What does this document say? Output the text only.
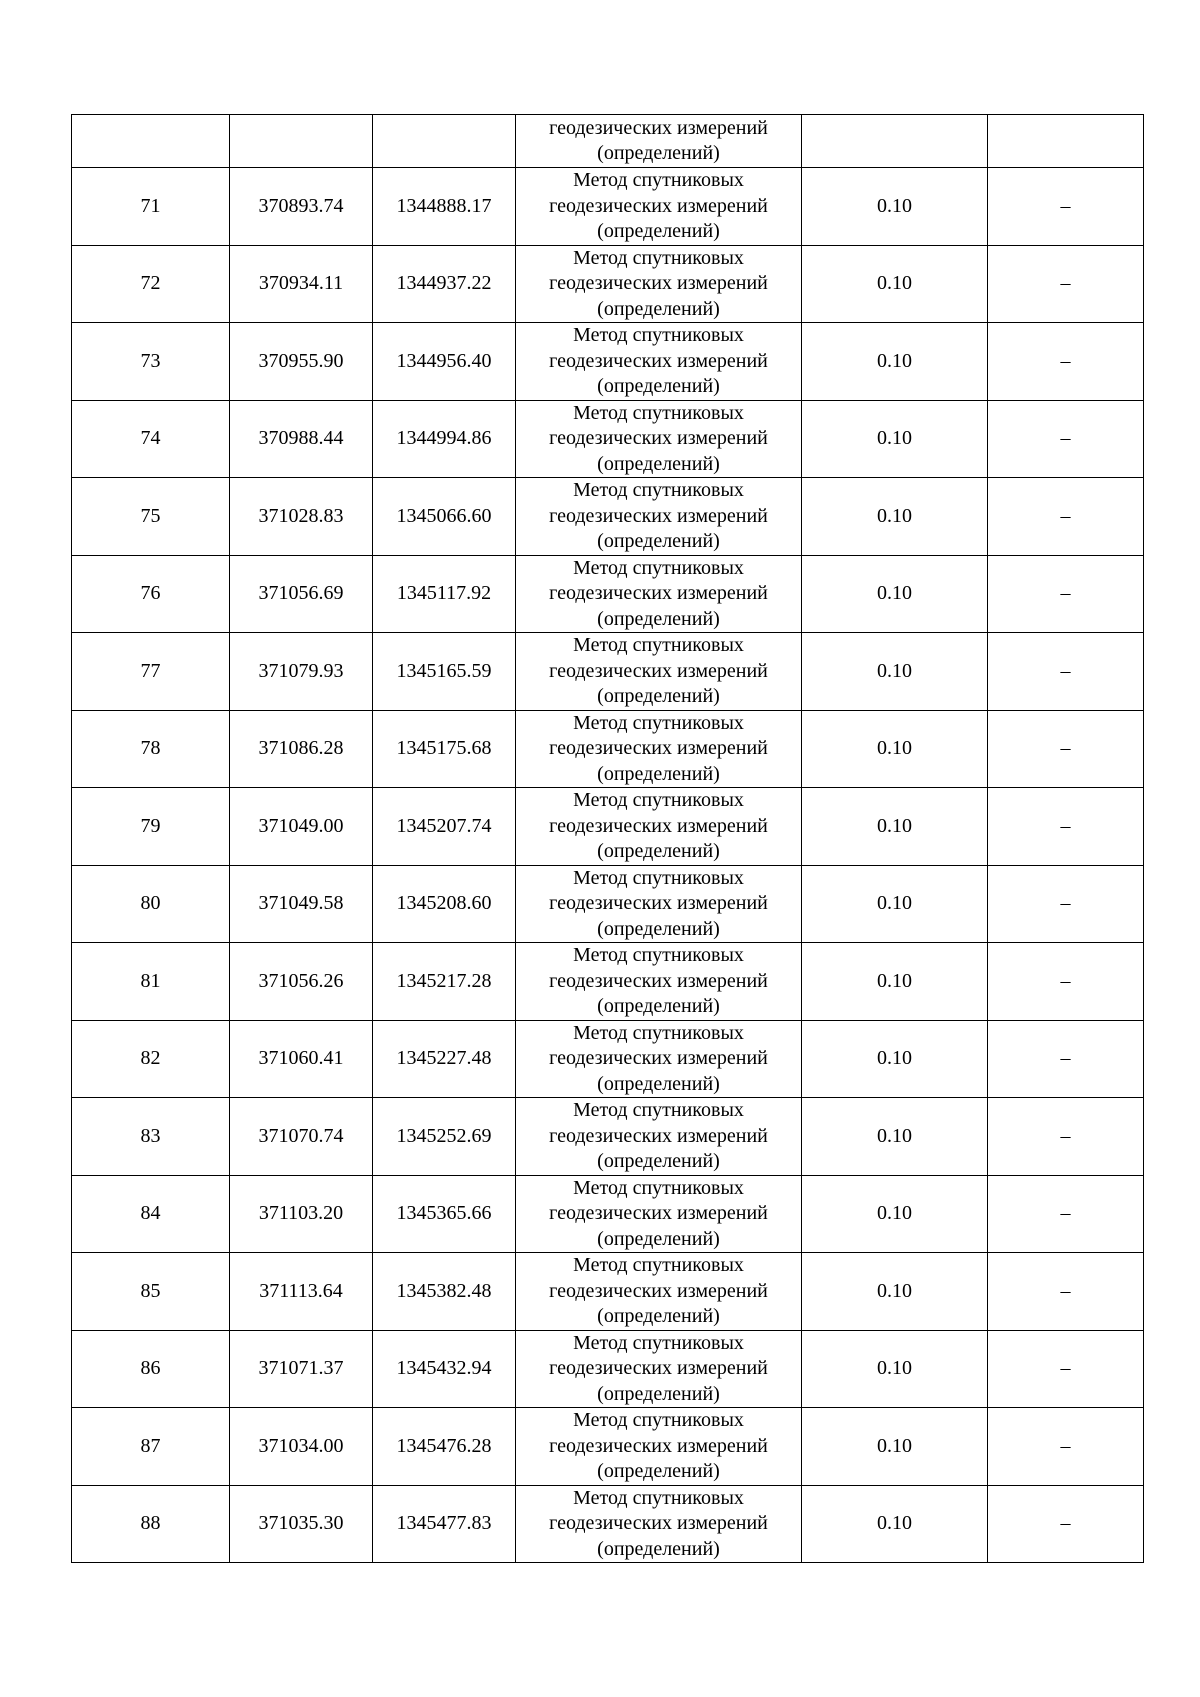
			геодезических измерений
(определений)		

71	370893.74	1344888.17	Метод спутниковых
геодезических измерений
(определений)	0.10	–
72	370934.11	1344937.22	Метод спутниковых
геодезических измерений
(определений)	0.10	–
73	370955.90	1344956.40	Метод спутниковых
геодезических измерений
(определений)	0.10	–
74	370988.44	1344994.86	Метод спутниковых
геодезических измерений
(определений)	0.10	–
75	371028.83	1345066.60	Метод спутниковых
геодезических измерений
(определений)	0.10	–
76	371056.69	1345117.92	Метод спутниковых
геодезических измерений
(определений)	0.10	–
77	371079.93	1345165.59	Метод спутниковых
геодезических измерений
(определений)	0.10	–
78	371086.28	1345175.68	Метод спутниковых
геодезических измерений
(определений)	0.10	–
79	371049.00	1345207.74	Метод спутниковых
геодезических измерений
(определений)	0.10	–
80	371049.58	1345208.60	Метод спутниковых
геодезических измерений
(определений)	0.10	–
81	371056.26	1345217.28	Метод спутниковых
геодезических измерений
(определений)	0.10	–
82	371060.41	1345227.48	Метод спутниковых
геодезических измерений
(определений)	0.10	–
83	371070.74	1345252.69	Метод спутниковых
геодезических измерений
(определений)	0.10	–
84	371103.20	1345365.66	Метод спутниковых
геодезических измерений
(определений)	0.10	–
85	371113.64	1345382.48	Метод спутниковых
геодезических измерений
(определений)	0.10	–
86	371071.37	1345432.94	Метод спутниковых
геодезических измерений
(определений)	0.10	–
87	371034.00	1345476.28	Метод спутниковых
геодезических измерений
(определений)	0.10	–
88	371035.30	1345477.83	Метод спутниковых
геодезических измерений
(определений)	0.10	–
